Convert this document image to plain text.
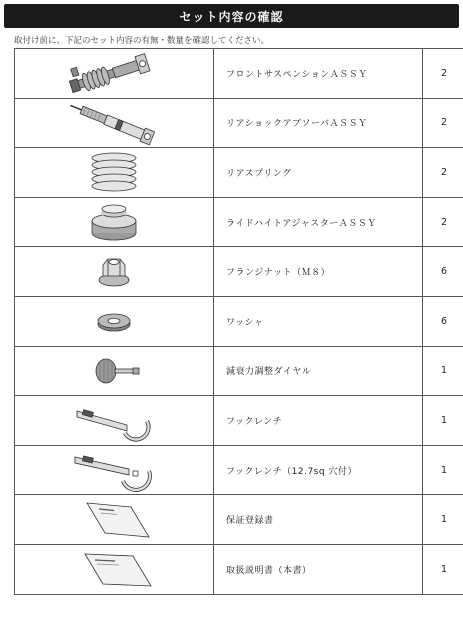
セット内容の確認
取付け前に、下記のセット内容の有無・数量を確認してください。
	フロントサスペンションＡＳＳＹ	2

	リアショックアブソーバＡＳＳＹ	2

	リアスプリング	2

	ライドハイトアジャスターＡＳＳＹ	2

	フランジナット（Ｍ８）	6

	ワッシャ	6

	減衰力調整ダイヤル	1

	フックレンチ	1

	フックレンチ（12.7sq 穴付）	1

	保証登録書	1

	取扱説明書（本書）	1
